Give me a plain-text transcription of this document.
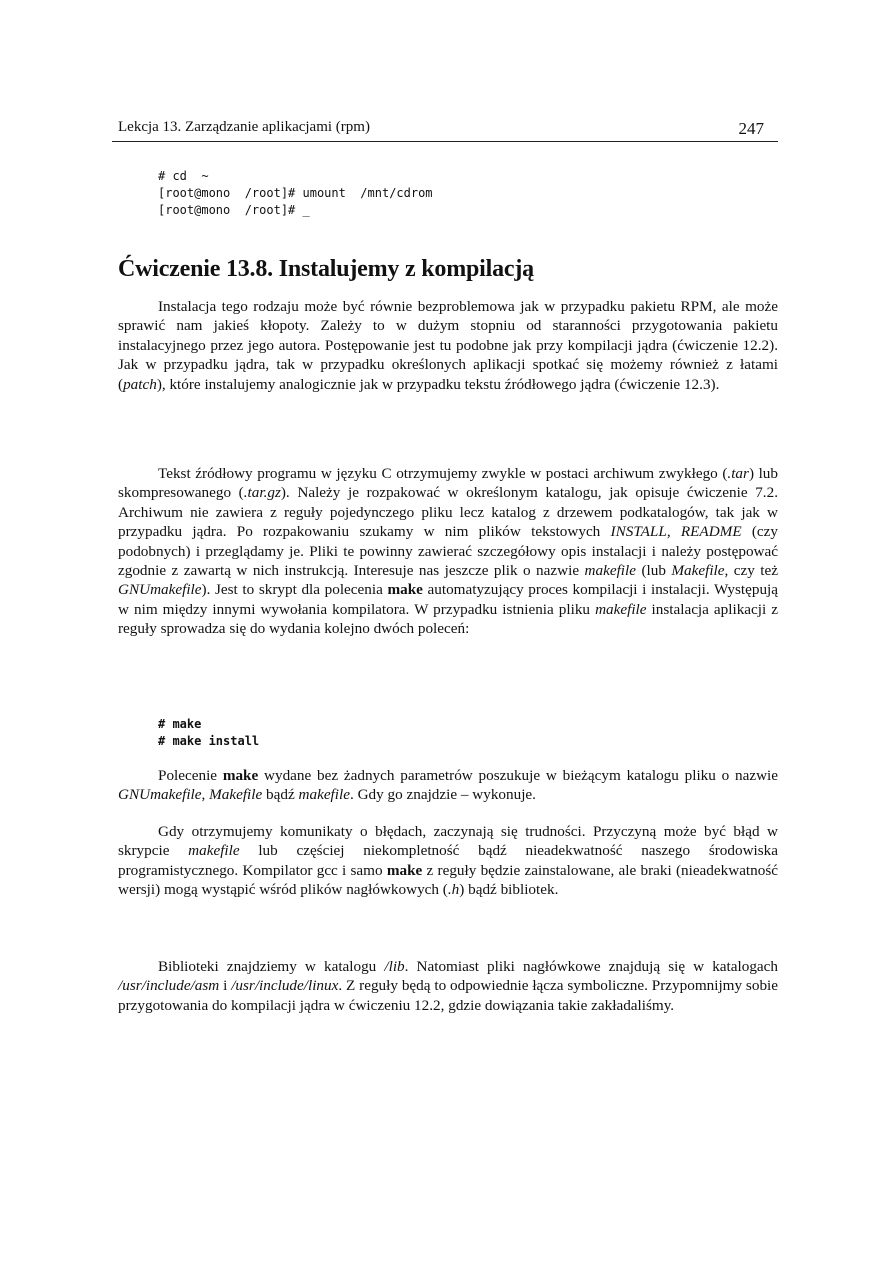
Lekcja 13. Zarządzanie aplikacjami (rpm)	247
# cd  ~
[root@mono  /root]# umount  /mnt/cdrom
[root@mono  /root]# _
Ćwiczenie 13.8. Instalujemy z kompilacją

Instalacja tego rodzaju może być równie bezproblemowa jak w przypadku pakietu RPM, ale może sprawić nam jakieś kłopoty. Zależy to w dużym stopniu od staranności przygotowania pakietu instalacyjnego przez jego autora. Postępowanie jest tu podobne jak przy kompilacji jądra (ćwiczenie 12.2). Jak w przypadku jądra, tak w przypadku określonych aplikacji spotkać się możemy również z łatami (patch), które instalujemy analogicznie jak w przypadku tekstu źródłowego jądra (ćwiczenie 12.3).

Tekst źródłowy programu w języku C otrzymujemy zwykle w postaci archiwum zwykłego (.tar) lub skompresowanego (.tar.gz). Należy je rozpakować w określonym katalogu, jak opisuje ćwiczenie 7.2. Archiwum nie zawiera z reguły pojedynczego pliku lecz katalog z drzewem podkatalogów, tak jak w przypadku jądra. Po rozpakowaniu szukamy w nim plików tekstowych INSTALL, README (czy podobnych) i przeglądamy je. Pliki te powinny zawierać szczegółowy opis instalacji i należy postępować zgodnie z zawartą w nich instrukcją. Interesuje nas jeszcze plik o nazwie makefile (lub Makefile, czy też GNUmakefile). Jest to skrypt dla polecenia make automatyzujący proces kompilacji i instalacji. Występują w nim między innymi wywołania kompilatora. W przypadku istnienia pliku makefile instalacja aplikacji z reguły sprowadza się do wydania kolejno dwóch poleceń:

# make
# make install

Polecenie make wydane bez żadnych parametrów poszukuje w bieżącym katalogu pliku o nazwie GNUmakefile, Makefile bądź makefile. Gdy go znajdzie – wykonuje.

Gdy otrzymujemy komunikaty o błędach, zaczynają się trudności. Przyczyną może być błąd w skrypcie makefile lub częściej niekompletność bądź nieadekwatność naszego środowiska programistycznego. Kompilator gcc i samo make z reguły będzie zainstalowane, ale braki (nieadekwatność wersji) mogą wystąpić wśród plików nagłówkowych (.h) bądź bibliotek.

Biblioteki znajdziemy w katalogu /lib. Natomiast pliki nagłówkowe znajdują się w katalogach /usr/include/asm i /usr/include/linux. Z reguły będą to odpowiednie łącza symboliczne. Przypomnijmy sobie przygotowania do kompilacji jądra w ćwiczeniu 12.2, gdzie dowiązania takie zakładaliśmy.
